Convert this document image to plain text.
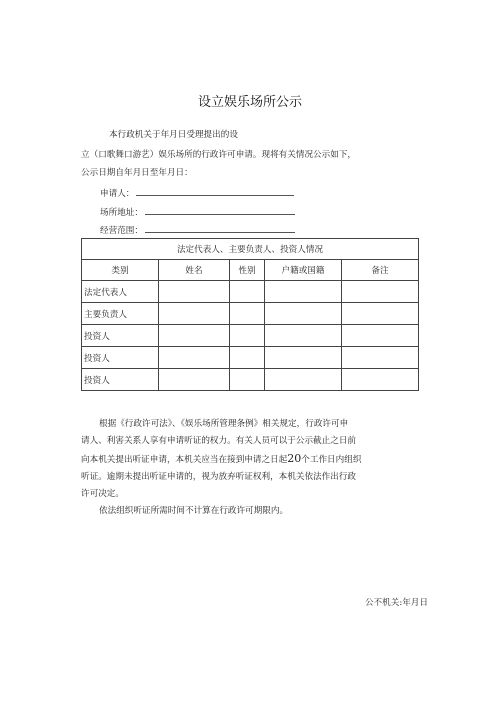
设立娱乐场所公示
本行政机关于年月日受理提出的设
立（口歌舞口游艺）娱乐场所的行政许可申请。现将有关情况公示如下，
公示日期自年月日至年月日：
申请人：
场所地址：
经营范围：
法定代表人、主要负责人、投资人情况				
类别	姓名	性别	户籍或国籍	备注
法定代表人				
主要负责人				
投资人				
投资人				
投资人				

根据《行政许可法》、《娱乐场所管理条例》相关规定，行政许可申

请人、利害关系人享有申请听证的权力。有关人员可以于公示截止之日前

向本机关提出听证申请，本机关应当在接到申请之日起20个工作日内组织

听证。逾期未提出听证申请的，视为放弃听证权利，本机关依法作出行政

许可决定。

依法组织听证所需时间不计算在行政许可期限内。

公不机关:年月日
